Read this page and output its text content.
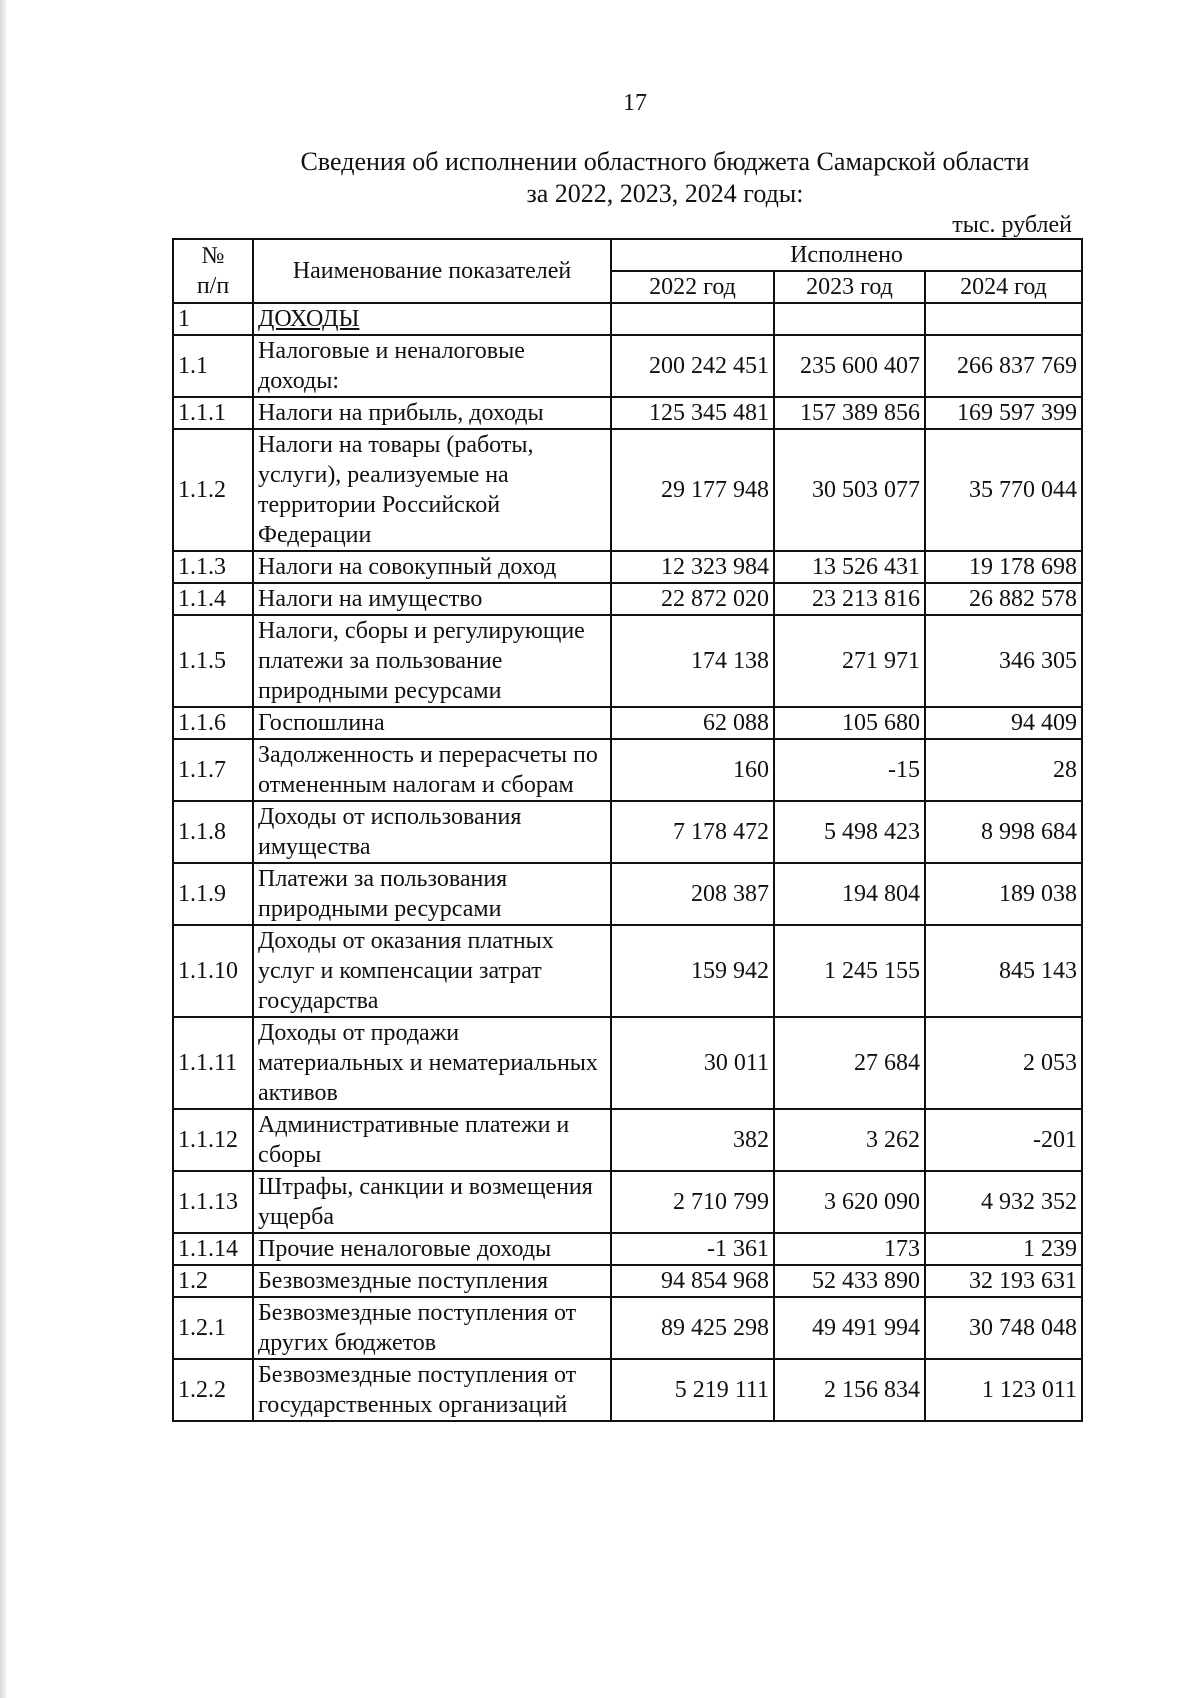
17
Сведения об исполнении областного бюджета Самарской области
за 2022, 2023, 2024 годы:
тыс. рублей
№
п/п	Наименование показателей	Исполнено		
		2022 год	2023 год	2024 год
1	ДОХОДЫ			
1.1	Налоговые и неналоговые доходы:	200 242 451	235 600 407	266 837 769
1.1.1	Налоги на прибыль, доходы	125 345 481	157 389 856	169 597 399
1.1.2	Налоги на товары (работы, услуги), реализуемые на территории Российской Федерации	29 177 948	30 503 077	35 770 044
1.1.3	Налоги на совокупный доход	12 323 984	13 526 431	19 178 698
1.1.4	Налоги на имущество	22 872 020	23 213 816	26 882 578
1.1.5	Налоги, сборы и регулирующие платежи за пользование природными ресурсами	174 138	271 971	346 305
1.1.6	Госпошлина	62 088	105 680	94 409
1.1.7	Задолженность и перерасчеты по отмененным налогам и сборам	160	-15	28
1.1.8	Доходы от использования имущества	7 178 472	5 498 423	8 998 684
1.1.9	Платежи за пользования природными ресурсами	208 387	194 804	189 038
1.1.10	Доходы от оказания платных услуг и компенсации затрат государства	159 942	1 245 155	845 143
1.1.11	Доходы от продажи материальных и нематериальных активов	30 011	27 684	2 053
1.1.12	Административные платежи и сборы	382	3 262	-201
1.1.13	Штрафы, санкции и возмещения ущерба	2 710 799	3 620 090	4 932 352
1.1.14	Прочие неналоговые доходы	-1 361	173	1 239
1.2	Безвозмездные поступления	94 854 968	52 433 890	32 193 631
1.2.1	Безвозмездные поступления от других бюджетов	89 425 298	49 491 994	30 748 048
1.2.2	Безвозмездные поступления от государственных организаций	5 219 111	2 156 834	1 123 011
